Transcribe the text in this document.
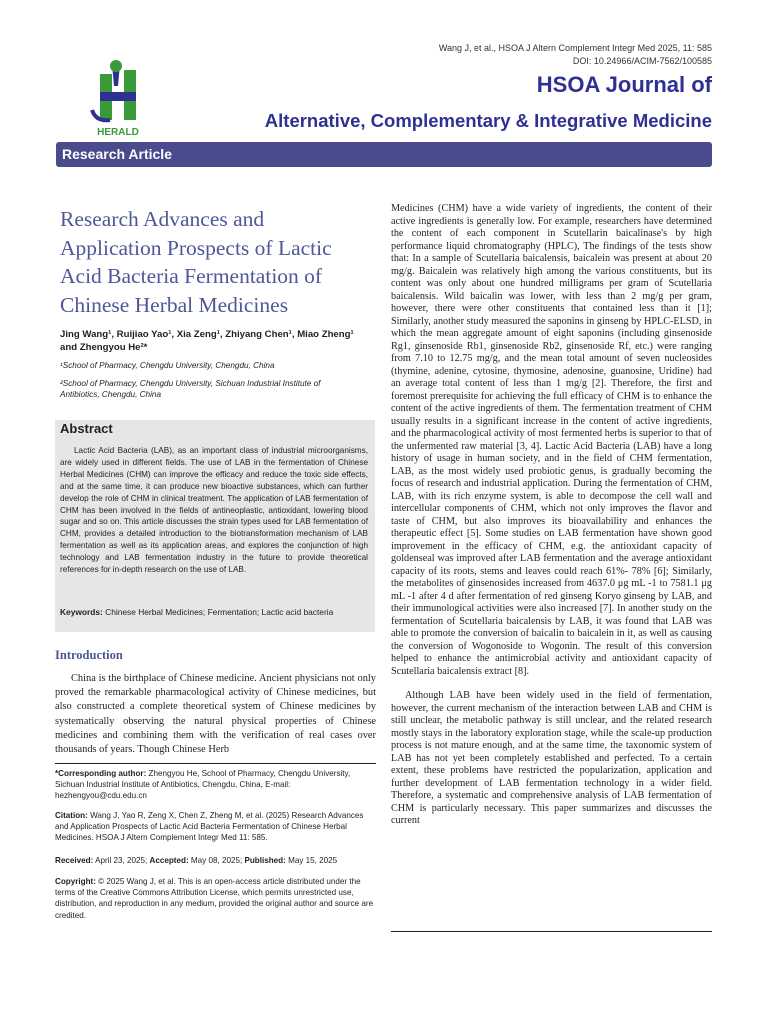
Wang J, et al., HSOA J Altern Complement Integr Med 2025, 11: 585
DOI: 10.24966/ACIM-7562/100585
HERALD
HSOA Journal of
Alternative, Complementary & Integrative Medicine
Research Article
Research Advances and Application Prospects of Lactic Acid Bacteria Fermentation of Chinese Herbal Medicines
Jing Wang¹, Ruijiao Yao¹, Xia Zeng¹, Zhiyang Chen¹, Miao Zheng¹ and Zhengyou He²*
¹School of Pharmacy, Chengdu University, Chengdu, China
²School of Pharmacy, Chengdu University, Sichuan Industrial Institute of Antibiotics, Chengdu, China
Abstract
Lactic Acid Bacteria (LAB), as an important class of industrial microorganisms, are widely used in different fields. The use of LAB in the fermentation of Chinese Herbal Medicines (CHM) can improve the efficacy and reduce the toxic side effects, and at the same time, it can produce new bioactive substances, which can further develop the role of CHM in clinical treatment. The application of LAB fermentation of CHM has been involved in the fields of antineoplastic, antioxidant, lowering blood sugar and so on. This article discusses the strain types used for LAB fermentation of CHM, provides a detailed introduction to the biotransformation mechanism of LAB fermentation as well as its application areas, and explores the conjunction of high technology and LAB fermentation industry in the future to provide theoretical references for in-depth research on the use of LAB.
Keywords: Chinese Herbal Medicines; Fermentation; Lactic acid bacteria
Introduction
China is the birthplace of Chinese medicine. Ancient physicians not only proved the remarkable pharmacological activity of Chinese medicines, but also constructed a complete theoretical system of Chinese medicines by systematically observing the natural physical properties of Chinese medicines and combining them with the verification of real cases over thousands of years. Though Chinese Herb
*Corresponding author: Zhengyou He, School of Pharmacy, Chengdu University, Sichuan Industrial Institute of Antibiotics, Chengdu, China, E-mail: hezhengyou@cdu.edu.cn
Citation: Wang J, Yao R, Zeng X, Chen Z, Zheng M, et al. (2025) Research Advances and Application Prospects of Lactic Acid Bacteria Fermentation of Chinese Herbal Medicines. HSOA J Altern Complement Integr Med 11: 585.
Received: April 23, 2025; Accepted: May 08, 2025; Published: May 15, 2025
Copyright: © 2025 Wang J, et al. This is an open-access article distributed under the terms of the Creative Commons Attribution License, which permits unrestricted use, distribution, and reproduction in any medium, provided the original author and source are credited.

Medicines (CHM) have a wide variety of ingredients, the content of their active ingredients is generally low. For example, researchers have determined the content of each component in Scutellarin baicalinase's by high performance liquid chromatography (HPLC), The findings of the tests show that: In a sample of Scutellaria baicalensis, baicalein was present at about 20 mg/g. Baicalein was relatively high among the various constituents, but its content was only about one hundred milligrams per gram of Scutellaria baicalensis. Wild baicalin was lower, with less than 2 mg/g per gram, however, there were other constituents that contained less than it [1]; Similarly, another study measured the saponins in ginseng by HPLC-ELSD, in which the mean aggregate amount of eight saponins (including ginsenoside Rg1, ginsenoside Rb1, ginsenoside Rb2, ginsenoside Rf, etc.) were ranging from 7.10 to 12.75 mg/g, and the mean total amount of seven nucleosides (thymine, adenine, cytosine, thymosine, adenosine, guanosine, Uridine) had an average total content of less than 1 mg/g [2]. Therefore, the first and foremost prerequisite for achieving the full efficacy of CHM is to enhance the content of the active ingredients of them. The fermentation treatment of CHM usually results in a significant increase in the content of active ingredients, and the pharmacological activity of most fermented herbs is superior to that of the unfermented raw material [3, 4]. Lactic Acid Bacteria (LAB) have a long history of usage in human society, and in the field of CHM fermentation, LAB, as the most widely used probiotic genus, is gradually becoming the focus of research and industrial application. During the fermentation of CHM, LAB, with its rich enzyme system, is able to decompose the cell wall and intercellular components of CHM, which not only improves the flavor and taste of CHM, but also improves its bioavailability and enhances the therapeutic effect [5]. Some studies on LAB fermentation have shown good improvement in the efficacy of CHM, e.g. the antioxidant capacity of goldenseal was improved after LAB fermentation and the average antioxidant capacity of its roots, stems and leaves could reach 61%- 78% [6]; Similarly, the metabolites of ginsenosides increased from 4637.0 μg mL -1 to 7581.1 μg mL -1 after 4 d after fermentation of red ginseng Koryo ginseng by LAB, and their immunological activities were also increased [7]. In another study on the fermentation of Scutellaria baicalensis by LAB, it was found that LAB was able to promote the conversion of baicalin to baicalein in it, as well as causing the conversion of Wogonoside to Wogonin. The result of this conversion helped to enhance the antimicrobial activity and antioxidant capacity of Scutellaria baicalensis extract [8].

Although LAB have been widely used in the field of fermentation, however, the current mechanism of the interaction between LAB and CHM is still unclear, the metabolic pathway is still unclear, and the related research mostly stays in the laboratory exploration stage, while the scale-up production process is not mature enough, and at the same time, the taxonomic system of LAB has not yet been completely established and perfected. To a certain extent, these problems have restricted the popularization, application and further development of LAB fermentation technology in a wider field. Therefore, a systematic and comprehensive analysis of LAB fermentation of CHM is particularly necessary. This paper summarizes and discusses the current
